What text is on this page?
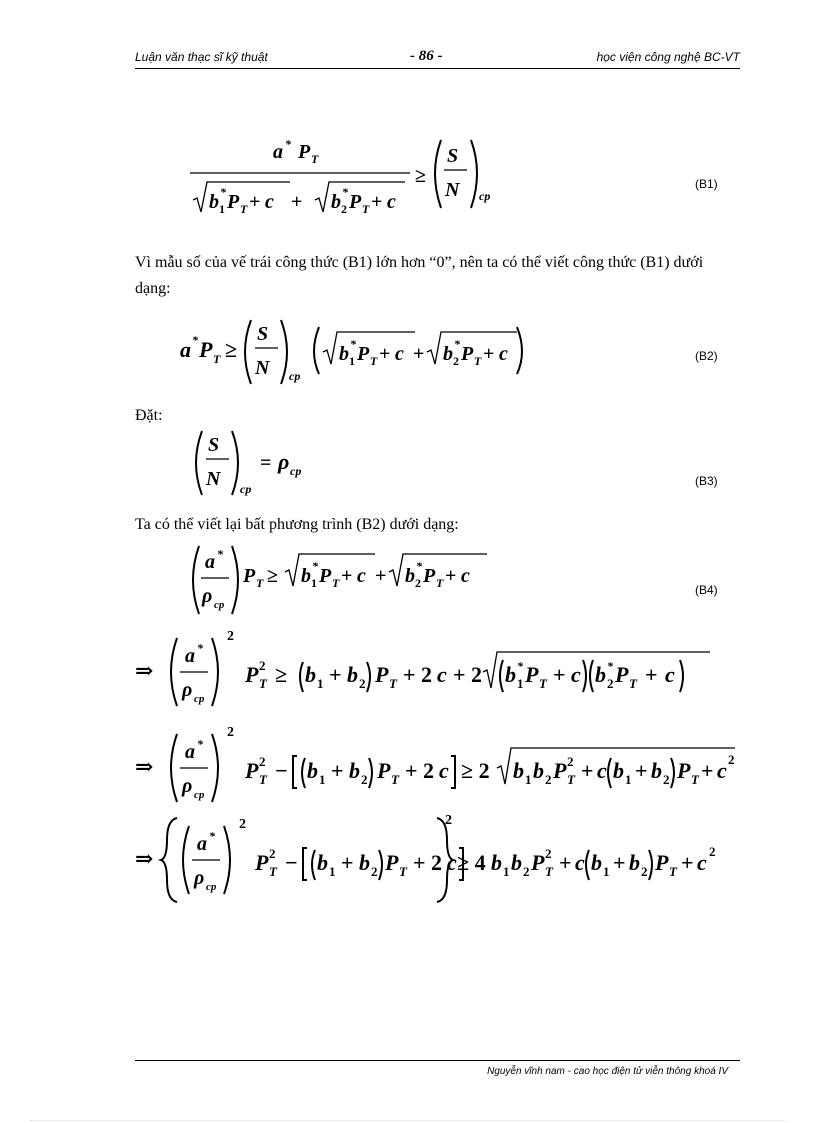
Luận văn thạc sĩ kỹ thuật	- 86 -	học viện công nghệ BC-VT
a * P T
b *
1 P T + c + b *
2 P T + c
≥
S
N cp
(B1)
Vì mẫu số của vế trái công thức (B1) lớn hơn “0”, nên ta có thể viết công thức (B1) dưới dạng:
a * P T ≥
S
N cp
b *
1 P T + c + b *
2 P T + c	(B2)
Đặt:
S
N cp
= ρ cp
(B3)
Ta có thể viết lại bất phương trình (B2) dưới dạng:
a *
ρ cp
P T ≥ b *
1 P T + c + b *
2 P T + c
(B4)
⇒
a *
ρ cp
2
P 2
T ≥ b 1 + b 2 P T + 2 c + 2 b *
1 P T + c b *
2 P T + c
⇒
a *
ρ cp
2
P 2
T − b 1 + b 2 P T + 2 c ≥ 2 b 1 b 2 P 2
T + c b 1 + b 2 P T + c 2
⇒
a *
ρ cp
2
P 2
T − b 1 + b 2 P T + 2 c
2
≥ 4 b 1 b 2 P 2
T + c b 1 + b 2 P T + c 2
Nguyễn vĩnh nam - cao học điện tử viễn thông khoá IV
